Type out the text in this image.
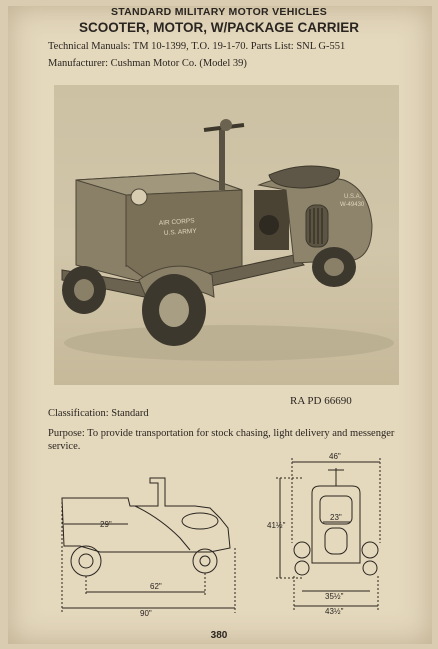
STANDARD MILITARY MOTOR VEHICLES
SCOOTER, MOTOR, W/PACKAGE CARRIER
Technical Manuals: TM 10-1399, T.O. 19-1-70. Parts List: SNL G-551
Manufacturer: Cushman Motor Co. (Model 39)
AIR CORPS
U.S. ARMY
U.S.A.
W-49430
RA PD 66690
Classification: Standard
Purpose: To provide transportation for stock chasing, light delivery and messenger service.
29"
62"
90"
46"
41½"
23"
35½"
43½"
380
